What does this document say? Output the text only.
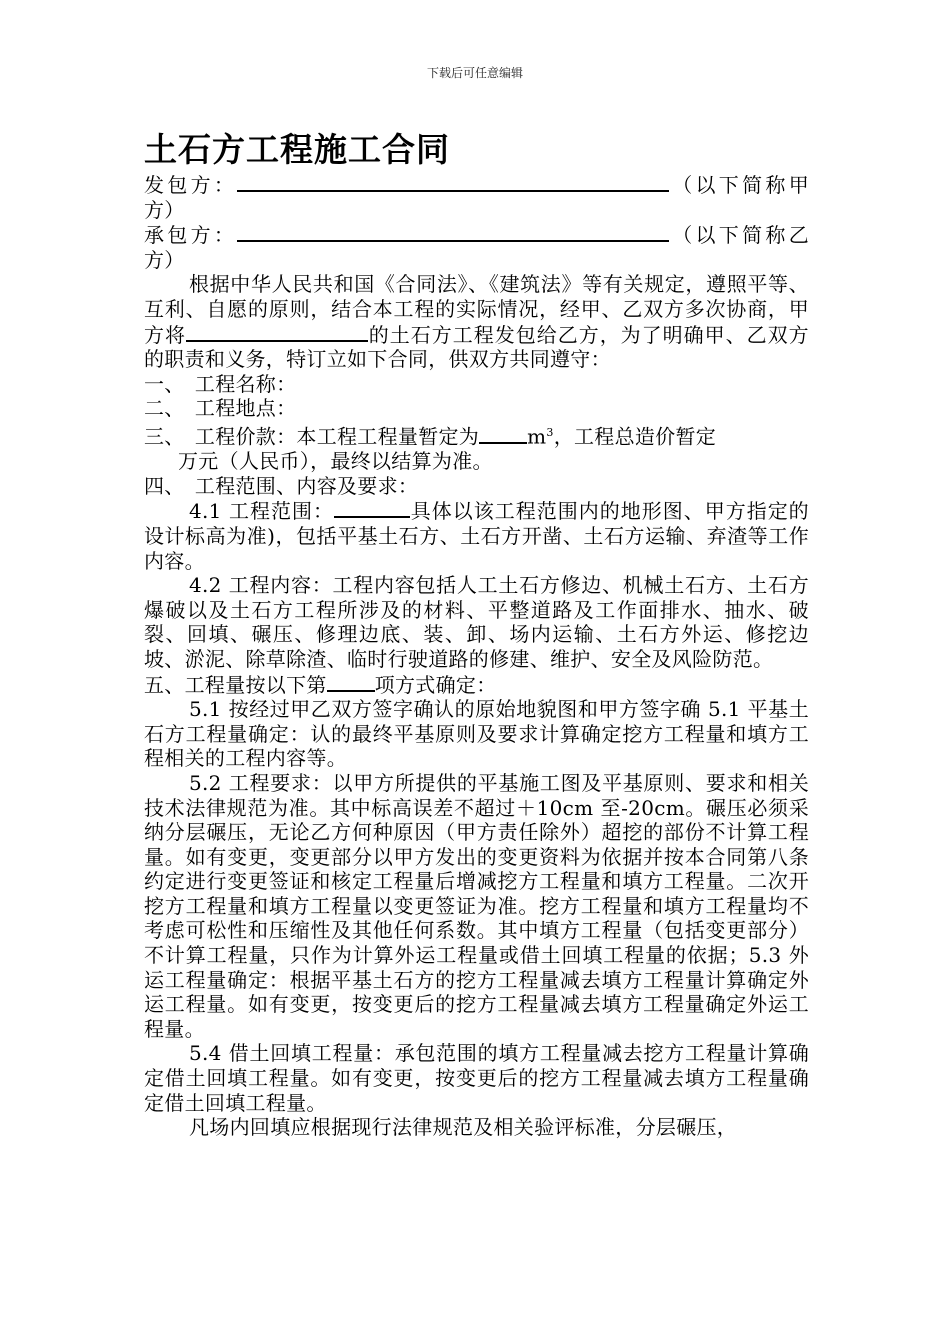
下载后可任意编辑
土石方工程施工合同

发包方：	（以下简称甲方）

承包方：	（以下简称乙方）

根据中华人民共和国《合同法》、《建筑法》等有关规定，遵照平等、互利、自愿的原则，结合本工程的实际情况，经甲、乙双方多次协商，甲方将	的土石方工程发包给乙方，为了明确甲、乙双方的职责和义务，特订立如下合同，供双方共同遵守：

一、　工程名称：

二、　工程地点：

三、　工程价款：本工程工程量暂定为 $m^3$，工程总造价暂定

万元（人民币），最终以结算为准。

四、　工程范围、内容及要求：

4.1 工程范围：	具体以该工程范围内的地形图、甲方指定的设计标高为准)，包括平基土石方、土石方开凿、土石方运输、弃渣等工作内容。

4.2 工程内容：工程内容包括人工土石方修边、机械土石方、土石方爆破以及土石方工程所涉及的材料、平整道路及工作面排水、抽水、破裂、回填、碾压、修理边底、装、卸、场内运输、土石方外运、修挖边坡、淤泥、除草除渣、临时行驶道路的修建、维护、安全及风险防范。

五、工程量按以下第 项方式确定：

5.1 按经过甲乙双方签字确认的原始地貌图和甲方签字确 5.1 平基土石方工程量确定：认的最终平基原则及要求计算确定挖方工程量和填方工程相关的工程内容等。

5.2 工程要求：以甲方所提供的平基施工图及平基原则、要求和相关技术法律规范为准。其中标高误差不超过＋10cm 至-20cm。碾压必须采纳分层碾压，无论乙方何种原因（甲方责任除外）超挖的部份不计算工程量。如有变更，变更部分以甲方发出的变更资料为依据并按本合同第八条约定进行变更签证和核定工程量后增减挖方工程量和填方工程量。二次开挖方工程量和填方工程量以变更签证为准。挖方工程量和填方工程量均不考虑可松性和压缩性及其他任何系数。其中填方工程量（包括变更部分）不计算工程量，只作为计算外运工程量或借土回填工程量的依据；5.3 外运工程量确定：根据平基土石方的挖方工程量减去填方工程量计算确定外运工程量。如有变更，按变更后的挖方工程量减去填方工程量确定外运工程量。

5.4 借土回填工程量：承包范围的填方工程量减去挖方工程量计算确定借土回填工程量。如有变更，按变更后的挖方工程量减去填方工程量确定借土回填工程量。

凡场内回填应根据现行法律规范及相关验评标准，分层碾压，
